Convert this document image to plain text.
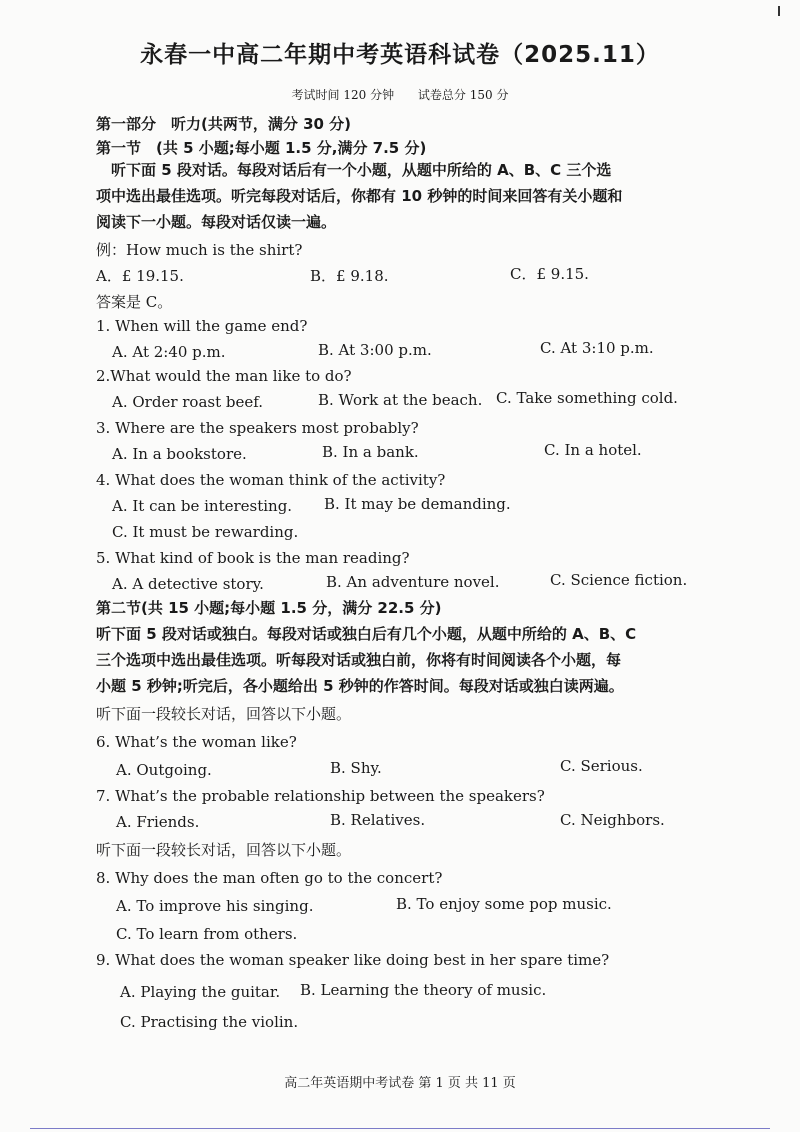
永春一中高二年期中考英语科试卷（2025.11）
考试时间 120 分钟 试卷总分 150 分
第一部分　听力(共两节，满分 30 分)
第一节　(共 5 小题;每小题 1.5 分,满分 7.5 分)
　听下面 5 段对话。每段对话后有一个小题，从题中所给的 A、B、C 三个选
项中选出最佳选项。听完每段对话后，你都有 10 秒钟的时间来回答有关小题和
阅读下一小题。每段对话仅读一遍。
例：How much is the shirt?
A．£ 19.15.	B．£ 9.18.	C．£ 9.15.
答案是 C。
1. When will the game end?
A. At 2:40 p.m.	B. At 3:00 p.m.	C. At 3:10 p.m.
2.What would the man like to do?
A. Order roast beef.	B. Work at the beach. C. Take something cold.
3. Where are the speakers most probably?
A. In a bookstore.	B. In a bank.	C. In a hotel.
4. What does the woman think of the activity?
A. It can be interesting. B. It may be demanding.
C. It must be rewarding.
5. What kind of book is the man reading?
A. A detective story.	B. An adventure novel.	C. Science fiction.
第二节(共 15 小题;每小题 1.5 分，满分 22.5 分)
听下面 5 段对话或独白。每段对话或独白后有几个小题，从题中所给的 A、B、C
三个选项中选出最佳选项。听每段对话或独白前，你将有时间阅读各个小题，每
小题 5 秒钟;听完后，各小题给出 5 秒钟的作答时间。每段对话或独白读两遍。
听下面一段较长对话，回答以下小题。
6. What’s the woman like?
A. Outgoing.	B. Shy.	C. Serious.
7. What’s the probable relationship between the speakers?
A. Friends.	B. Relatives.	C. Neighbors.
听下面一段较长对话，回答以下小题。
8. Why does the man often go to the concert?
A. To improve his singing.	B. To enjoy some pop music.
C. To learn from others.
9. What does the woman speaker like doing best in her spare time?
A. Playing the guitar. B. Learning the theory of music.
C. Practising the violin.
高二年英语期中考试卷 第 1 页 共 11 页
